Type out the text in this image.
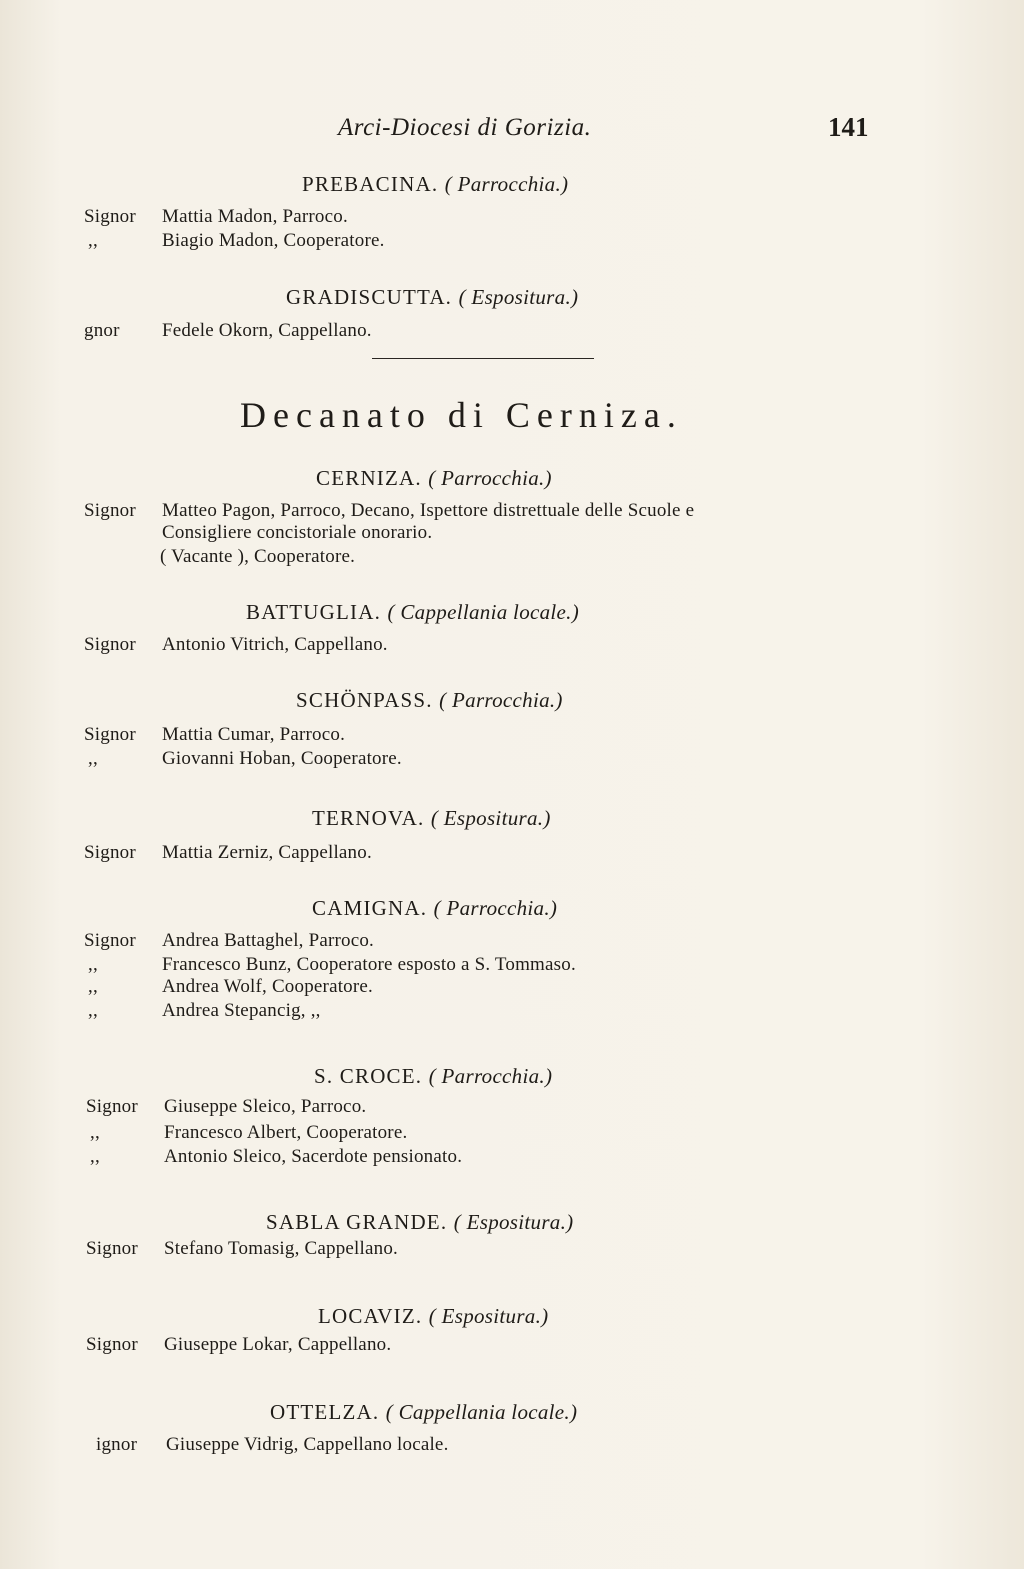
Arci-Diocesi di Gorizia.	141
PREBACINA. ( Parrocchia.)
Signor Mattia Madon, Parroco.
,,	Biagio Madon, Cooperatore.
GRADISCUTTA. ( Espositura.)
gnor Fedele Okorn, Cappellano.
Decanato di Cerniza.
CERNIZA. ( Parrocchia.)
Signor Matteo Pagon, Parroco, Decano, Ispettore distrettuale delle Scuole e
Consigliere concistoriale onorario.
( Vacante ), Cooperatore.
BATTUGLIA. ( Cappellania locale.)
Signor Antonio Vitrich, Cappellano.
SCHÖNPASS. ( Parrocchia.)
Signor Mattia Cumar, Parroco.
,,	Giovanni Hoban, Cooperatore.
TERNOVA. ( Espositura.)
Signor Mattia Zerniz, Cappellano.
CAMIGNA. ( Parrocchia.)
Signor Andrea Battaghel, Parroco.
,,	Francesco Bunz, Cooperatore esposto a S. Tommaso.
,,	Andrea Wolf, Cooperatore.
,,	Andrea Stepancig, ,,
S. CROCE. ( Parrocchia.)
Signor Giuseppe Sleico, Parroco.
,,	Francesco Albert, Cooperatore.
,,	Antonio Sleico, Sacerdote pensionato.
SABLA GRANDE. ( Espositura.)
Signor Stefano Tomasig, Cappellano.
LOCAVIZ. ( Espositura.)
Signor Giuseppe Lokar, Cappellano.
OTTELZA. ( Cappellania locale.)
ignor Giuseppe Vidrig, Cappellano locale.
